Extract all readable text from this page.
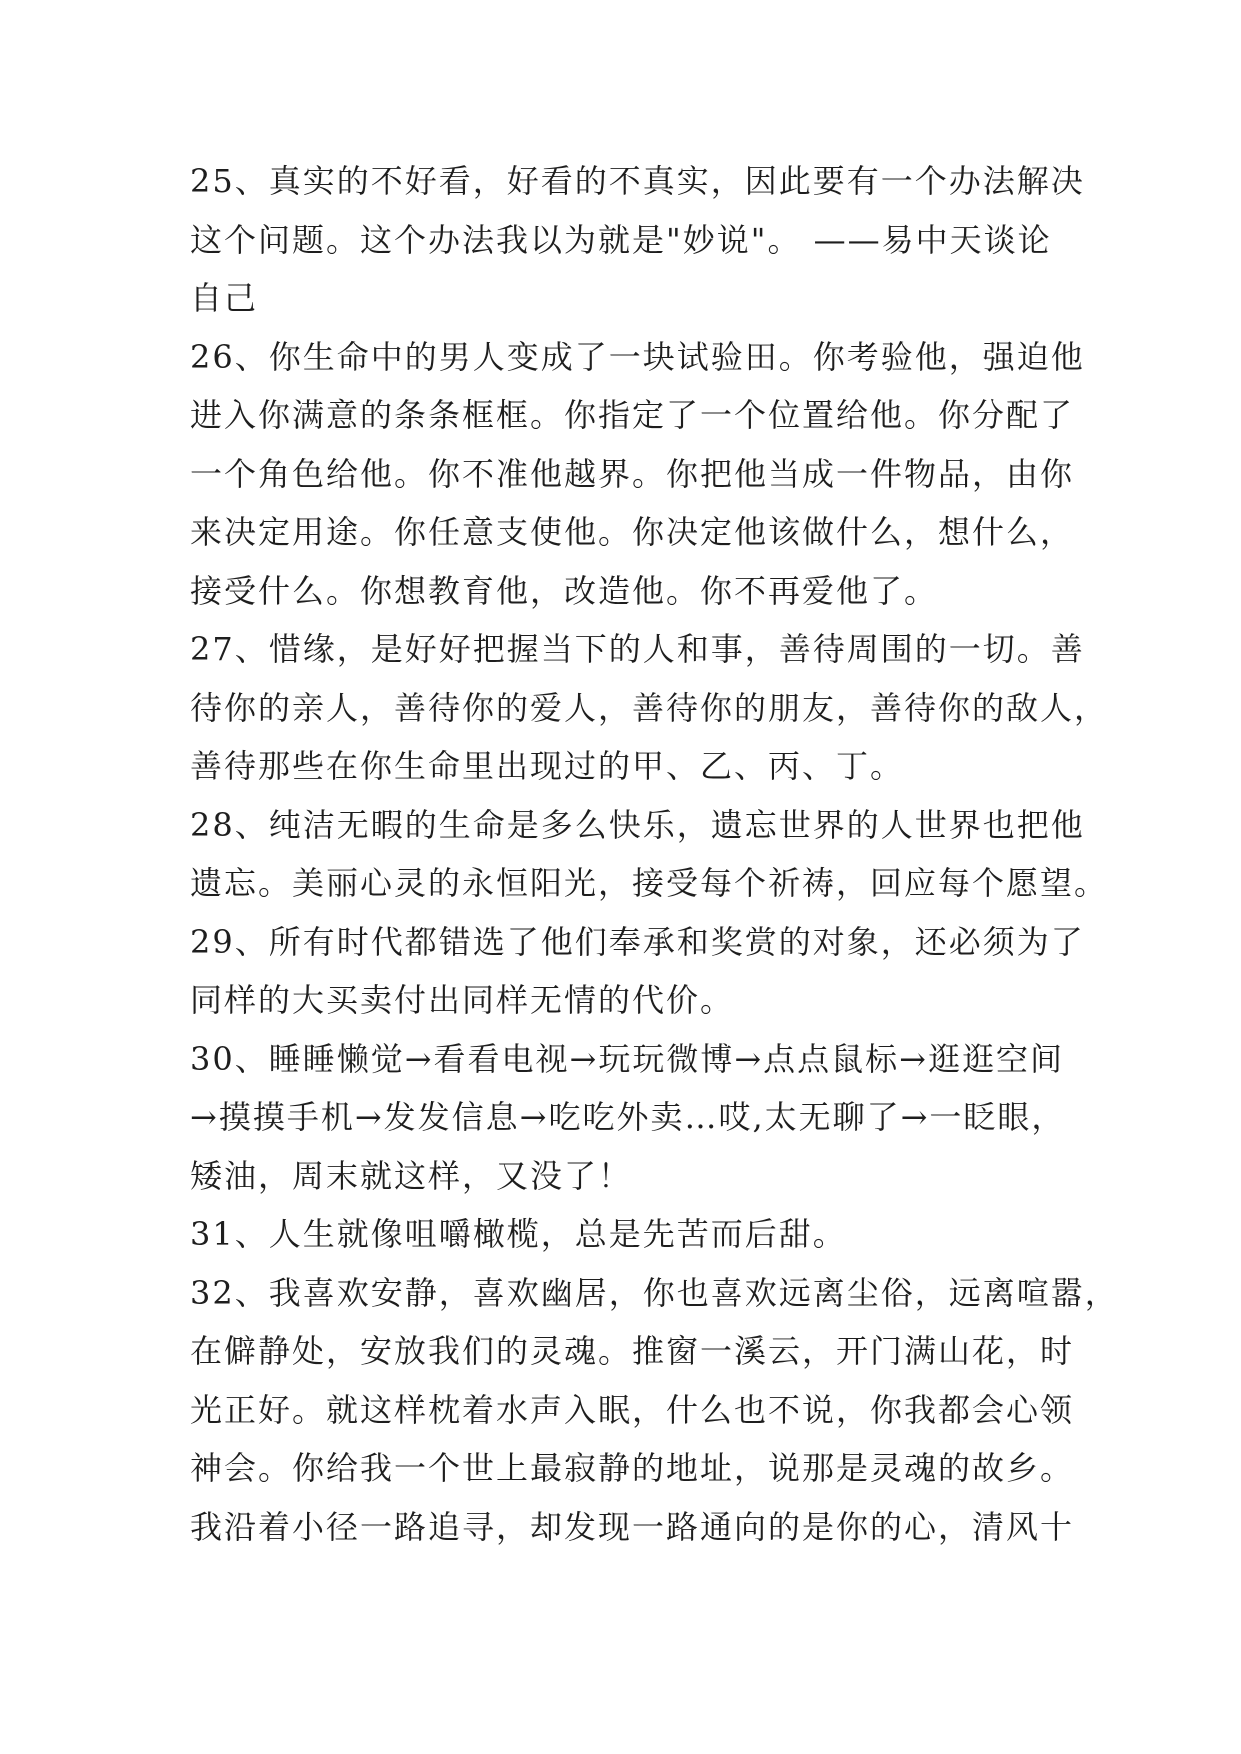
25、真实的不好看，好看的不真实，因此要有一个办法解决
这个问题。这个办法我以为就是"妙说"。 ——易中天谈论
自己
26、你生命中的男人变成了一块试验田。你考验他，强迫他
进入你满意的条条框框。你指定了一个位置给他。你分配了
一个角色给他。你不准他越界。你把他当成一件物品，由你
来决定用途。你任意支使他。你决定他该做什么，想什么，
接受什么。你想教育他，改造他。你不再爱他了。
27、惜缘，是好好把握当下的人和事，善待周围的一切。善
待你的亲人，善待你的爱人，善待你的朋友，善待你的敌人，
善待那些在你生命里出现过的甲、乙、丙、丁。
28、纯洁无暇的生命是多么快乐，遗忘世界的人世界也把他
遗忘。美丽心灵的永恒阳光，接受每个祈祷，回应每个愿望。
29、所有时代都错选了他们奉承和奖赏的对象，还必须为了
同样的大买卖付出同样无情的代价。
30、睡睡懒觉→看看电视→玩玩微博→点点鼠标→逛逛空间
→摸摸手机→发发信息→吃吃外卖…哎,太无聊了→一眨眼，
矮油，周末就这样，又没了！
31、人生就像咀嚼橄榄，总是先苦而后甜。
32、我喜欢安静，喜欢幽居，你也喜欢远离尘俗，远离喧嚣，
在僻静处，安放我们的灵魂。推窗一溪云，开门满山花，时
光正好。就这样枕着水声入眠，什么也不说，你我都会心领
神会。你给我一个世上最寂静的地址，说那是灵魂的故乡。
我沿着小径一路追寻，却发现一路通向的是你的心，清风十
